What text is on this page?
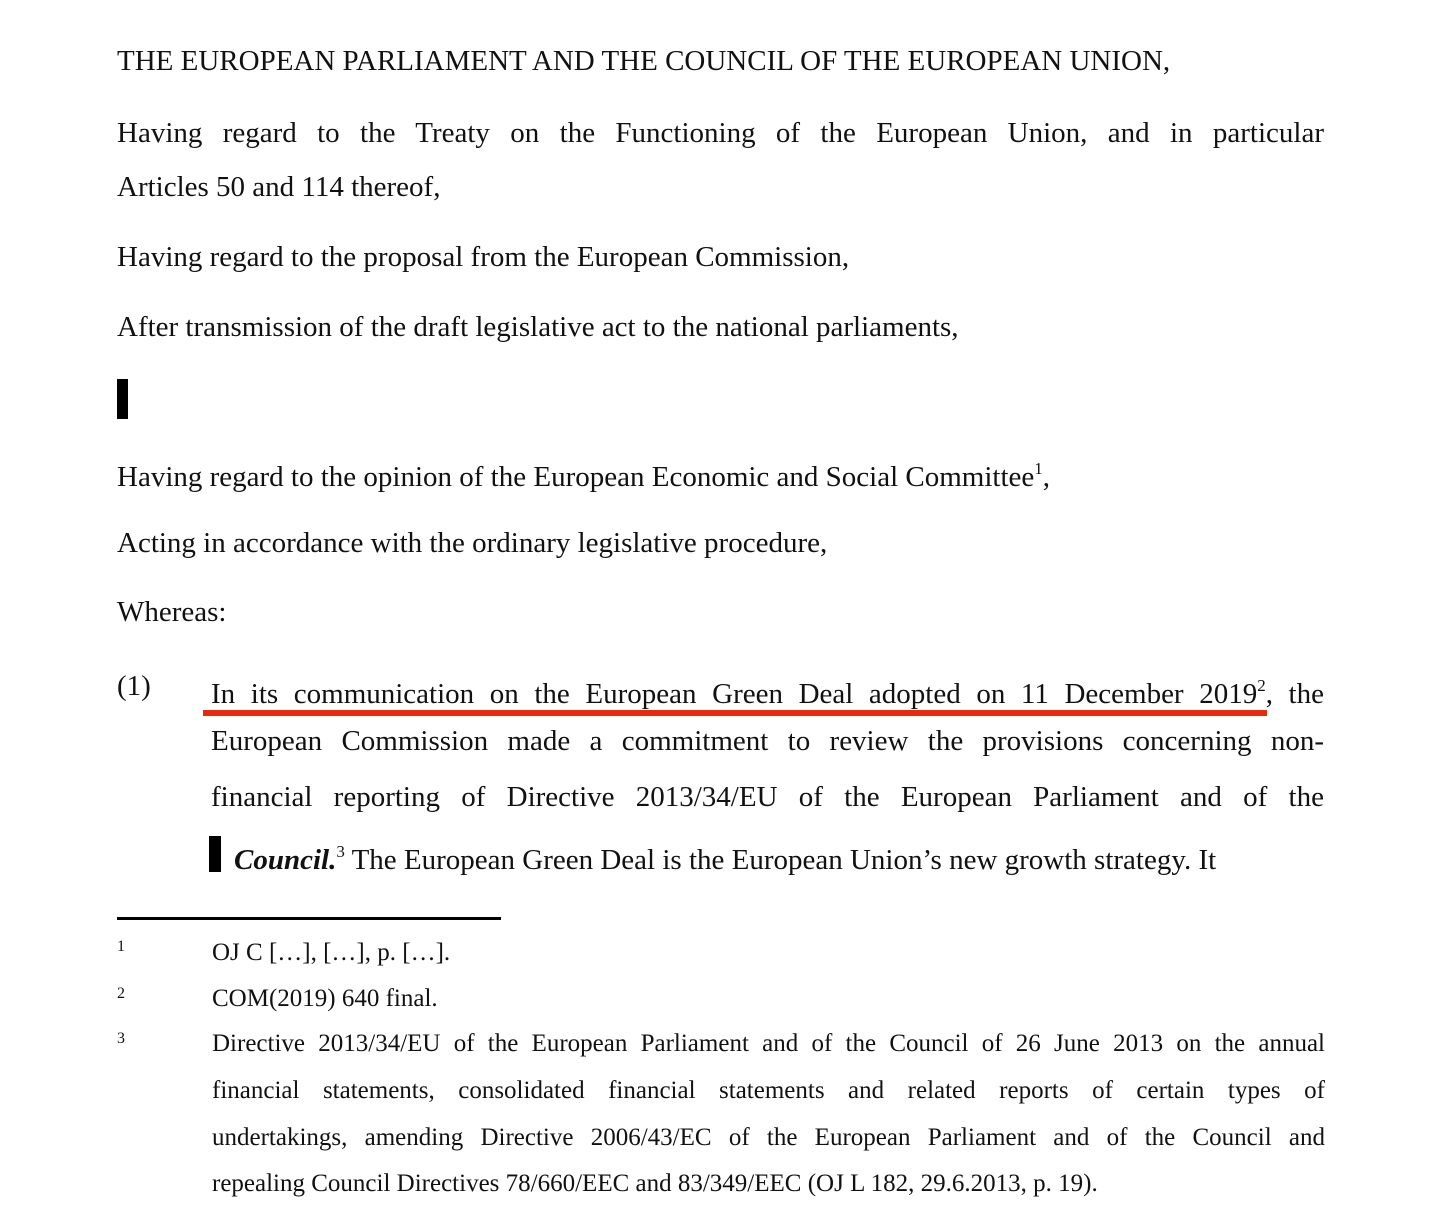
THE EUROPEAN PARLIAMENT AND THE COUNCIL OF THE EUROPEAN UNION,
Having regard to the Treaty on the Functioning of the European Union, and in particular
Articles 50 and 114 thereof,
Having regard to the proposal from the European Commission,
After transmission of the draft legislative act to the national parliaments,
Having regard to the opinion of the European Economic and Social Committee$^1$,
Acting in accordance with the ordinary legislative procedure,
Whereas:
(1) In its communication on the European Green Deal adopted on 11 December 2019$^2$, the
European Commission made a commitment to review the provisions concerning non-
financial reporting of Directive 2013/34/EU of the European Parliament and of the
Council.$^3$ The European Green Deal is the European Union’s new growth strategy. It
1	OJ C […], […], p. […].
2	COM(2019) 640 final.
3	Directive 2013/34/EU of the European Parliament and of the Council of 26 June 2013 on the annual
financial statements, consolidated financial statements and related reports of certain types of
undertakings, amending Directive 2006/43/EC of the European Parliament and of the Council and
repealing Council Directives 78/660/EEC and 83/349/EEC (OJ L 182, 29.6.2013, p. 19).
